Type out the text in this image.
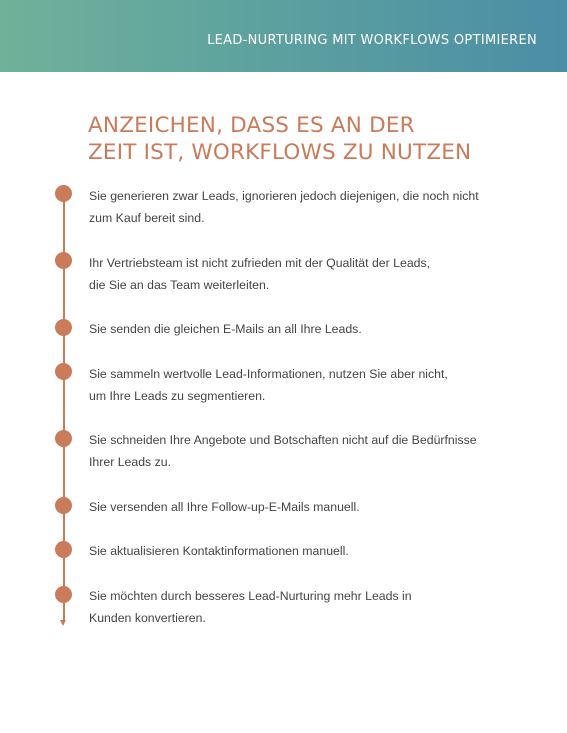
LEAD-NURTURING MIT WORKFLOWS OPTIMIEREN
ANZEICHEN, DASS ES AN DER
ZEIT IST, WORKFLOWS ZU NUTZEN
Sie generieren zwar Leads, ignorieren jedoch diejenigen, die noch nicht
zum Kauf bereit sind.
Ihr Vertriebsteam ist nicht zufrieden mit der Qualität der Leads,
die Sie an das Team weiterleiten.
Sie senden die gleichen E-Mails an all Ihre Leads.
Sie sammeln wertvolle Lead-Informationen, nutzen Sie aber nicht,
um Ihre Leads zu segmentieren.
Sie schneiden Ihre Angebote und Botschaften nicht auf die Bedürfnisse
Ihrer Leads zu.
Sie versenden all Ihre Follow-up-E-Mails manuell.
Sie aktualisieren Kontaktinformationen manuell.
Sie möchten durch besseres Lead-Nurturing mehr Leads in
Kunden konvertieren.
